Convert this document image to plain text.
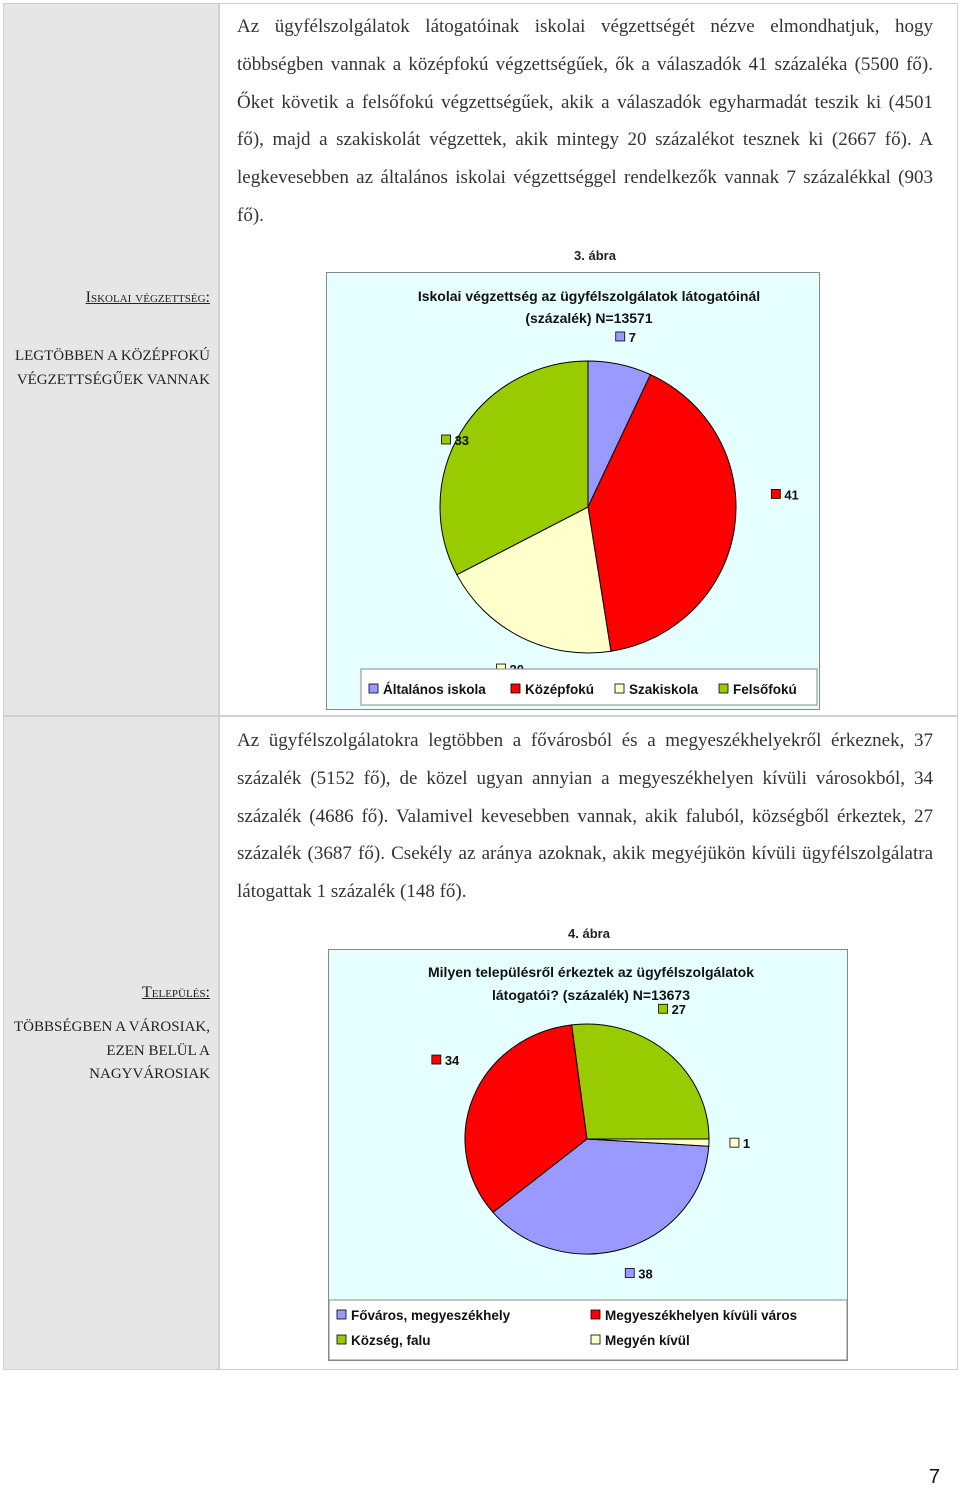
Az ügyfélszolgálatok látogatóinak iskolai végzettségét nézve elmondhatjuk, hogy többségben vannak a középfokú végzettségűek, ők a válaszadók 41 százaléka (5500 fő). Őket követik a felsőfokú végzettségűek, akik a válaszadók egyharmadát teszik ki (4501 fő), majd a szakiskolát végzettek, akik mintegy 20 százalékot tesznek ki (2667 fő). A legkevesebben az általános iskolai végzettséggel rendelkezők vannak 7 százalékkal (903 fő).
Iskolai végzettség:
LEGTÖBBEN A KÖZÉPFOKÚ VÉGZETTSÉGŰEK VANNAK
3. ábra
Iskolai végzettség az ügyfélszolgálatok látogatóinál
(százalék) N=13571
7
41
33
Általános iskola	Középfokú	Szakiskola	Felsőfokú
Az ügyfélszolgálatokra legtöbben a fővárosból és a megyeszékhelyekről érkeznek, 37 százalék (5152 fő), de közel ugyan annyian a megyeszékhelyen kívüli városokból, 34 százalék (4686 fő). Valamivel kevesebben vannak, akik faluból, községből érkeztek, 27 százalék (3687 fő). Csekély az aránya azoknak, akik megyéjükön kívüli ügyfélszolgálatra látogattak 1 százalék (148 fő).
Település:
TÖBBSÉGBEN A VÁROSIAK, EZEN BELÜL A NAGYVÁROSIAK
4. ábra
Milyen településről érkeztek az ügyfélszolgálatok
látogatói? (százalék) N=13673
38
34
27
1
Főváros, megyeszékhely	Megyeszékhelyen kívüli város
Község, falu	Megyén kívül
7
